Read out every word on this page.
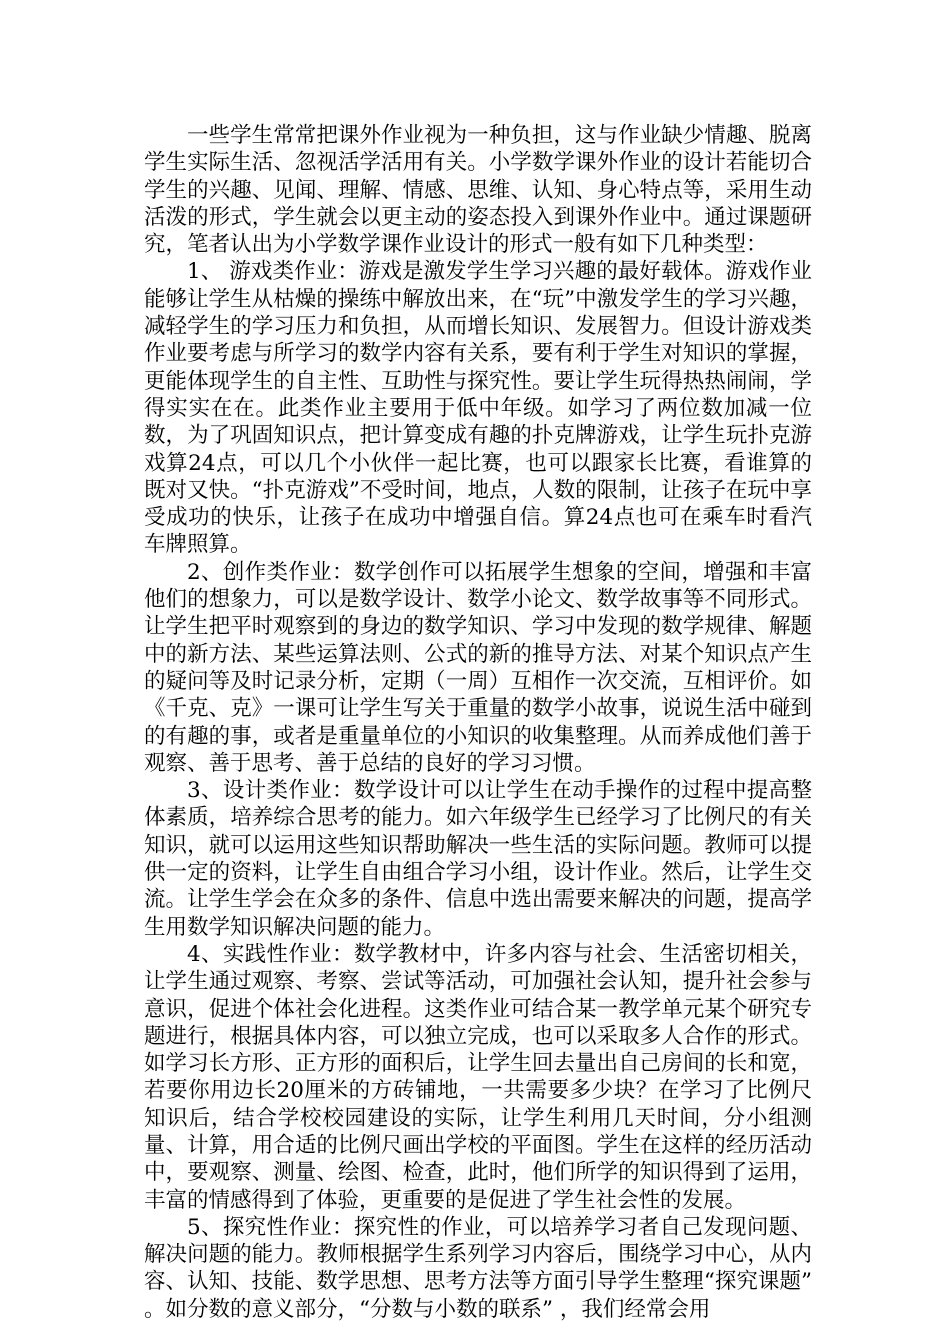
一些学生常常把课外作业视为一种负担，这与作业缺少情趣、脱离学生实际生活、忽视活学活用有关。小学数学课外作业的设计若能切合学生的兴趣、见闻、理解、情感、思维、认知、身心特点等，采用生动活泼的形式，学生就会以更主动的姿态投入到课外作业中。通过课题研究，笔者认出为小学数学课作业设计的形式一般有如下几种类型：

1、 游戏类作业：游戏是激发学生学习兴趣的最好载体。游戏作业能够让学生从枯燥的操练中解放出来，在“玩”中激发学生的学习兴趣，减轻学生的学习压力和负担，从而增长知识、发展智力。但设计游戏类作业要考虑与所学习的数学内容有关系，要有利于学生对知识的掌握，更能体现学生的自主性、互助性与探究性。要让学生玩得热热闹闹，学得实实在在。此类作业主要用于低中年级。如学习了两位数加减一位数，为了巩固知识点，把计算变成有趣的扑克牌游戏，让学生玩扑克游戏算24点，可以几个小伙伴一起比赛，也可以跟家长比赛，看谁算的既对又快。“扑克游戏”不受时间，地点，人数的限制，让孩子在玩中享受成功的快乐，让孩子在成功中增强自信。算24点也可在乘车时看汽车牌照算。

2、创作类作业：数学创作可以拓展学生想象的空间，增强和丰富他们的想象力，可以是数学设计、数学小论文、数学故事等不同形式。让学生把平时观察到的身边的数学知识、学习中发现的数学规律、解题中的新方法、某些运算法则、公式的新的推导方法、对某个知识点产生的疑问等及时记录分析，定期（一周）互相作一次交流，互相评价。如《千克、克》一课可让学生写关于重量的数学小故事，说说生活中碰到的有趣的事，或者是重量单位的小知识的收集整理。从而养成他们善于观察、善于思考、善于总结的良好的学习习惯。

3、设计类作业：数学设计可以让学生在动手操作的过程中提高整体素质，培养综合思考的能力。如六年级学生已经学习了比例尺的有关知识，就可以运用这些知识帮助解决一些生活的实际问题。教师可以提供一定的资料，让学生自由组合学习小组，设计作业。然后，让学生交流。让学生学会在众多的条件、信息中选出需要来解决的问题，提高学生用数学知识解决问题的能力。

4、实践性作业：数学教材中，许多内容与社会、生活密切相关，让学生通过观察、考察、尝试等活动，可加强社会认知，提升社会参与意识，促进个体社会化进程。这类作业可结合某一教学单元某个研究专题进行，根据具体内容，可以独立完成，也可以采取多人合作的形式。如学习长方形、正方形的面积后，让学生回去量出自己房间的长和宽，若要你用边长20厘米的方砖铺地，一共需要多少块？在学习了比例尺知识后，结合学校校园建设的实际，让学生利用几天时间，分小组测量、计算，用合适的比例尺画出学校的平面图。学生在这样的经历活动中，要观察、测量、绘图、检查，此时，他们所学的知识得到了运用，丰富的情感得到了体验，更重要的是促进了学生社会性的发展。

5、探究性作业：探究性的作业，可以培养学习者自己发现问题、解决问题的能力。教师根据学生系列学习内容后，围绕学习中心，从内容、认知、技能、数学思想、思考方法等方面引导学生整理“探究课题” 。如分数的意义部分，“分数与小数的联系” ，我们经常会用
